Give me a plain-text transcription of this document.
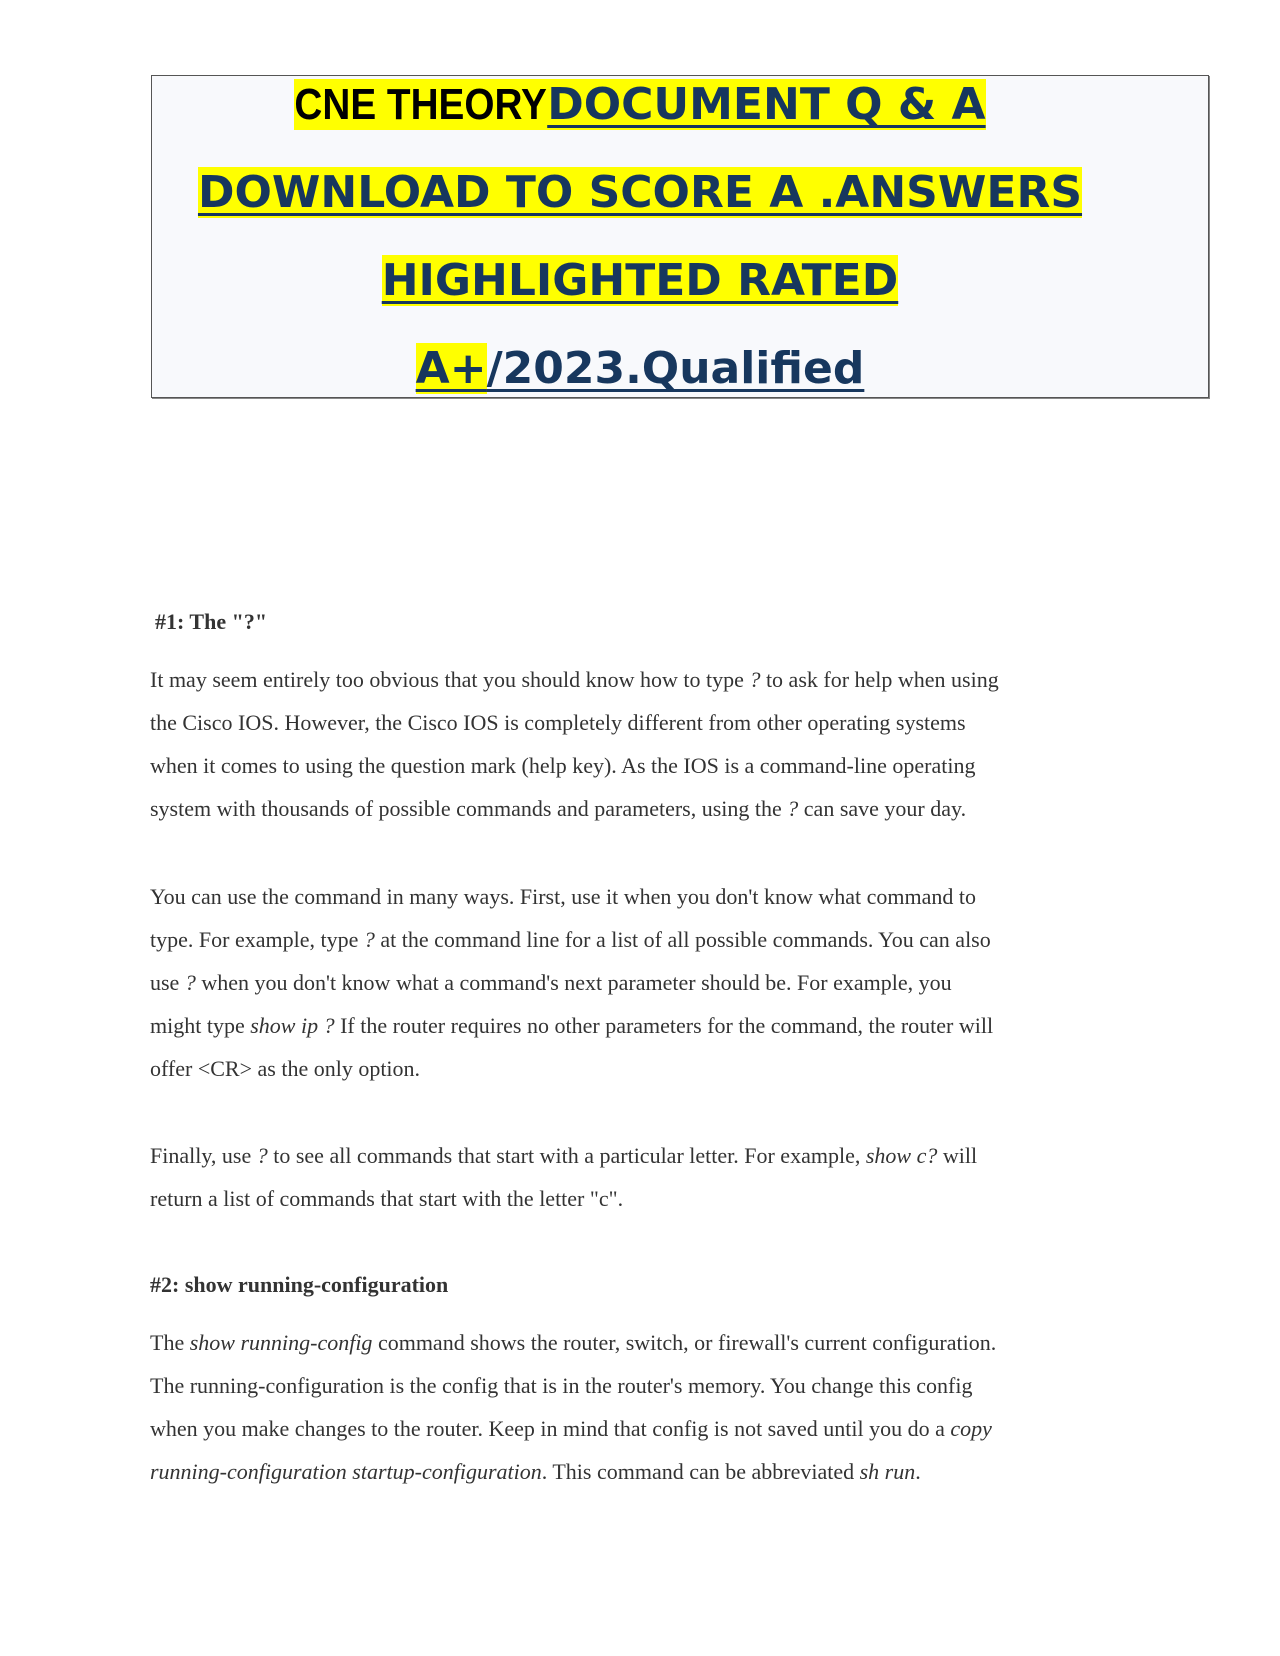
CNE THEORYDOCUMENT Q & A
DOWNLOAD TO SCORE A .ANSWERS
HIGHLIGHTED RATED
A+/2023.Qualified
#1: The "?"
It may seem entirely too obvious that you should know how to type ? to ask for help when using
the Cisco IOS. However, the Cisco IOS is completely different from other operating systems
when it comes to using the question mark (help key). As the IOS is a command-line operating
system with thousands of possible commands and parameters, using the ? can save your day.
You can use the command in many ways. First, use it when you don't know what command to
type. For example, type ? at the command line for a list of all possible commands. You can also
use ? when you don't know what a command's next parameter should be. For example, you
might type show ip ? If the router requires no other parameters for the command, the router will
offer <CR> as the only option.
Finally, use ? to see all commands that start with a particular letter. For example, show c? will
return a list of commands that start with the letter "c".
#2: show running-configuration
The show running-config command shows the router, switch, or firewall's current configuration.
The running-configuration is the config that is in the router's memory. You change this config
when you make changes to the router. Keep in mind that config is not saved until you do a copy
running-configuration startup-configuration. This command can be abbreviated sh run.
